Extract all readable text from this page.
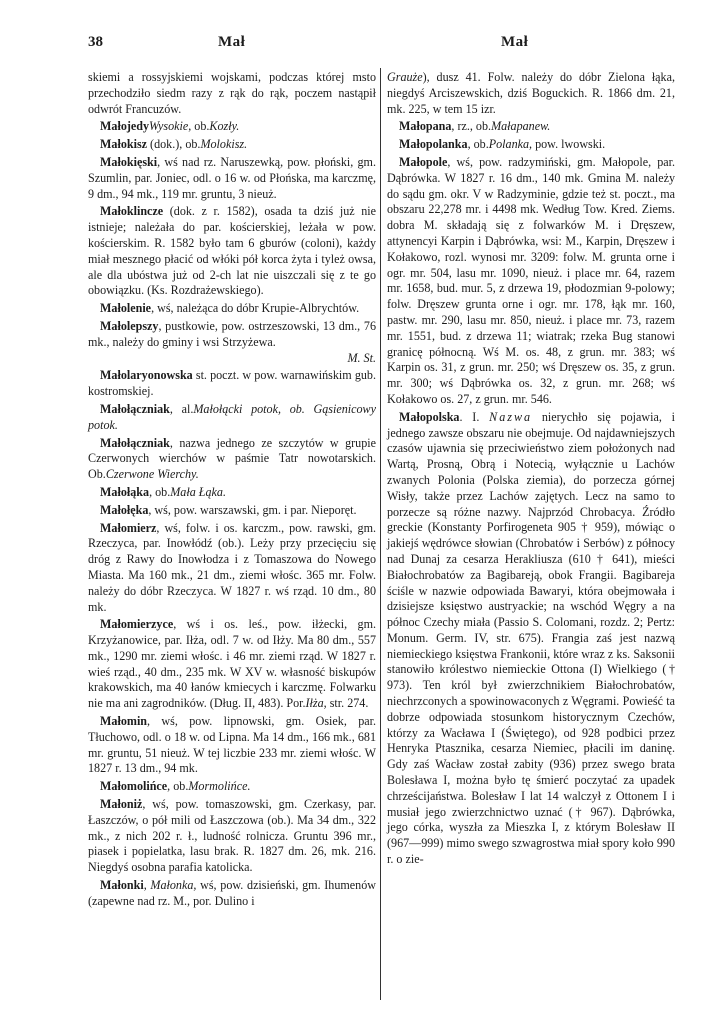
38	Mał	Mał

skiemi a rossyjskiemi wojskami, podczas której msto przechodziło siedm razy z rąk do rąk, poczem nastąpił odwrót Francuzów.

MałojedyWysokie, ob.Kozły.

Małokisz (dok.), ob.Molokisz.

Małokięski, wś nad rz. Naruszewką, pow. płoński, gm. Szumlin, par. Joniec, odl. o 16 w. od Płońska, ma karczmę, 9 dm., 94 mk., 119 mr. gruntu, 3 nieuż.

Małoklincze (dok. z r. 1582), osada ta dziś już nie istnieje; należała do par. kościerskiej, leżała w pow. kościerskim. R. 1582 było tam 6 gburów (coloni), każdy miał mesznego płacić od włóki pół korca żyta i tyleż owsa, ale dla ubóstwa już od 2-ch lat nie uiszczali się z te go obowiązku. (Ks. Rozdrażewskiego).

Małolenie, wś, należąca do dóbr Krupie-Albrychtów.

Małolepszy, pustkowie, pow. ostrzeszowski, 13 dm., 76 mk., należy do gminy i wsi Strzyżewa.
M. St.

Małolaryonowska st. poczt. w pow. warnawińskim gub. kostromskiej.

Małołączniak, al.Małołącki potok, ob. Gąsienicowy potok.

Małołączniak, nazwa jednego ze szczytów w grupie Czerwonych wierchów w paśmie Tatr nowotarskich. Ob.Czerwone Wierchy.

Małołąka, ob.Mała Łąka.

Małołęka, wś, pow. warszawski, gm. i par. Nieporęt.

Małomierz, wś, folw. i os. karczm., pow. rawski, gm. Rzeczyca, par. Inowłódź (ob.). Leży przy przecięciu się dróg z Rawy do Inowłodza i z Tomaszowa do Nowego Miasta. Ma 160 mk., 21 dm., ziemi włośc. 365 mr. Folw. należy do dóbr Rzeczyca. W 1827 r. wś rząd. 10 dm., 80 mk.

Małomierzyce, wś i os. leś., pow. iłżecki, gm. Krzyżanowice, par. Iłża, odl. 7 w. od Iłży. Ma 80 dm., 557 mk., 1290 mr. ziemi włośc. i 46 mr. ziemi rząd. W 1827 r. wieś rząd., 40 dm., 235 mk. W XV w. własność biskupów krakowskich, ma 40 łanów kmiecych i karczmę. Folwarku nie ma ani zagrodników. (Dług. II, 483). Por.Iłża, str. 274.

Małomin, wś, pow. lipnowski, gm. Osiek, par. Tłuchowo, odl. o 18 w. od Lipna. Ma 14 dm., 166 mk., 681 mr. gruntu, 51 nieuż. W tej liczbie 233 mr. ziemi włośc. W 1827 r. 13 dm., 94 mk.

Małomolińce, ob.Mormolińce.

Małoniż, wś, pow. tomaszowski, gm. Czerkasy, par. Łaszczów, o pół mili od Łaszczowa (ob.). Ma 34 dm., 322 mk., z nich 202 r. ł., ludność rolnicza. Gruntu 396 mr., piasek i popielatka, lasu brak. R. 1827 dm. 26, mk. 216. Niegdyś osobna parafia katolicka.

Małonki, Małonka, wś, pow. dzisieński, gm. Ihumenów (zapewne nad rz. M., por. Dulino i

Grauże), dusz 41. Folw. należy do dóbr Zielona łąka, niegdyś Arciszewskich, dziś Boguckich. R. 1866 dm. 21, mk. 225, w tem 15 izr.

Małopana, rz., ob.Małapanew.

Małopolanka, ob.Polanka, pow. lwowski.

Małopole, wś, pow. radzymiński, gm. Małopole, par. Dąbrówka. W 1827 r. 16 dm., 140 mk. Gmina M. należy do sądu gm. okr. V w Radzyminie, gdzie też st. poczt., ma obszaru 22,278 mr. i 4498 mk. Według Tow. Kred. Ziems. dobra M. składają się z folwarków M. i Dręszew, attynencyi Karpin i Dąbrówka, wsi: M., Karpin, Dręszew i Kołakowo, rozl. wynosi mr. 3209: folw. M. grunta orne i ogr. mr. 504, lasu mr. 1090, nieuż. i place mr. 64, razem mr. 1658, bud. mur. 5, z drzewa 19, płodozmian 9-polowy; folw. Dręszew grunta orne i ogr. mr. 178, łąk mr. 160, pastw. mr. 290, lasu mr. 850, nieuż. i place mr. 73, razem mr. 1551, bud. z drzewa 11; wiatrak; rzeka Bug stanowi granicę północną. Wś M. os. 48, z grun. mr. 383; wś Karpin os. 31, z grun. mr. 250; wś Dręszew os. 35, z grun. mr. 300; wś Dąbrówka os. 32, z grun. mr. 268; wś Kołakowo os. 27, z grun. mr. 546.

Małopolska. I. Nazwa nierychło się pojawia, i jednego zawsze obszaru nie obejmuje. Od najdawniejszych czasów ujawnia się przeciwieństwo ziem położonych nad Wartą, Prosną, Obrą i Notecią, wyłącznie u Lachów zwanych Polonia (Polska ziemia), do porzecza górnej Wisły, także przez Lachów zajętych. Lecz na samo to porzecze są różne nazwy. Najprzód Chrobacya. Źródło greckie (Konstanty Porfirogeneta 905 † 959), mówiąc o jakiejś wędrówce słowian (Chrobatów i Serbów) z północy nad Dunaj za cesarza Herakliusza (610 † 641), mieści Białochrobatów za Bagibareją, obok Frangii. Bagibareja ściśle w nazwie odpowiada Bawaryi, która obejmowała i dzisiejsze księstwo austryackie; na wschód Węgry a na północ Czechy miała (Passio S. Colomani, rozdz. 2; Pertz: Monum. Germ. IV, str. 675). Frangia zaś jest nazwą niemieckiego księstwa Frankonii, które wraz z ks. Saksonii stanowiło królestwo niemieckie Ottona (I) Wielkiego († 973). Ten król był zwierzchnikiem Białochrobatów, niechrzconych a spowinowaconych z Węgrami. Powieść ta dobrze odpowiada stosunkom historycznym Czechów, którzy za Wacława I (Świętego), od 928 podbici przez Henryka Ptasznika, cesarza Niemiec, płacili im daninę. Gdy zaś Wacław został zabity (936) przez swego brata Bolesława I, można było tę śmierć poczytać za upadek chrześcijaństwa. Bolesław I lat 14 walczył z Ottonem I i musiał jego zwierzchnictwo uznać († 967). Dąbrówka, jego córka, wyszła za Mieszka I, z którym Bolesław II (967—999) mimo swego szwagrostwa miał spory koło 990 r. o zie-
